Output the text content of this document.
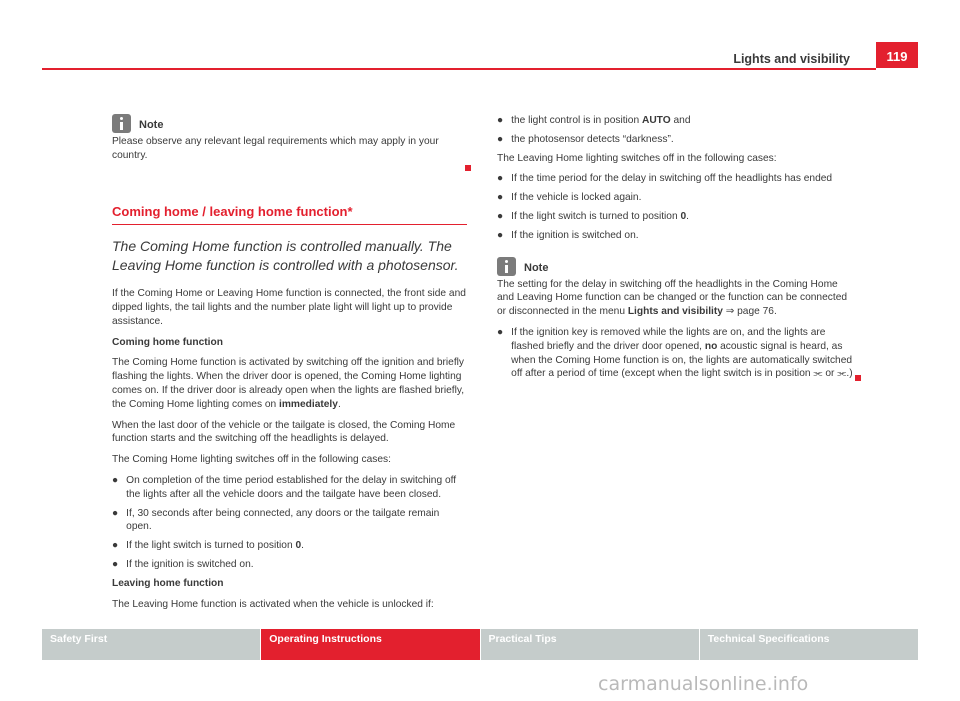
Lights and visibility	119
Note

Please observe any relevant legal requirements which may apply in your country.

Coming home / leaving home function*
The Coming Home function is controlled manually. The Leaving Home function is controlled with a photosensor.

If the Coming Home or Leaving Home function is connected, the front side and dipped lights, the tail lights and the number plate light will light up to provide assistance.

Coming home function

The Coming Home function is activated by switching off the ignition and briefly flashing the lights. When the driver door is opened, the Coming Home lighting comes on. If the driver door is already open when the lights are flashed briefly, the Coming Home lighting comes on immediately.

When the last door of the vehicle or the tailgate is closed, the Coming Home function starts and the switching off the headlights is delayed.

The Coming Home lighting switches off in the following cases:

● On completion of the time period established for the delay in switching off the lights after all the vehicle doors and the tailgate have been closed.
● If, 30 seconds after being connected, any doors or the tailgate remain open.
● If the light switch is turned to position 0.
● If the ignition is switched on.

Leaving home function

The Leaving Home function is activated when the vehicle is unlocked if:

● the light control is in position AUTO and
● the photosensor detects “darkness”.

The Leaving Home lighting switches off in the following cases:

● If the time period for the delay in switching off the headlights has ended
● If the vehicle is locked again.
● If the light switch is turned to position 0.
● If the ignition is switched on.
Note

The setting for the delay in switching off the headlights in the Coming Home and Leaving Home function can be changed or the function can be connected or disconnected in the menu Lights and visibility ⇒ page 76.

● If the ignition key is removed while the lights are on, and the lights are flashed briefly and the driver door opened, no acoustic signal is heard, as when the Coming Home function is on, the lights are automatically switched off after a period of time (except when the light switch is in position ⫘ or ⫘.)
Safety First	Operating Instructions	Practical Tips	Technical Specifications
carmanualsonline.info
